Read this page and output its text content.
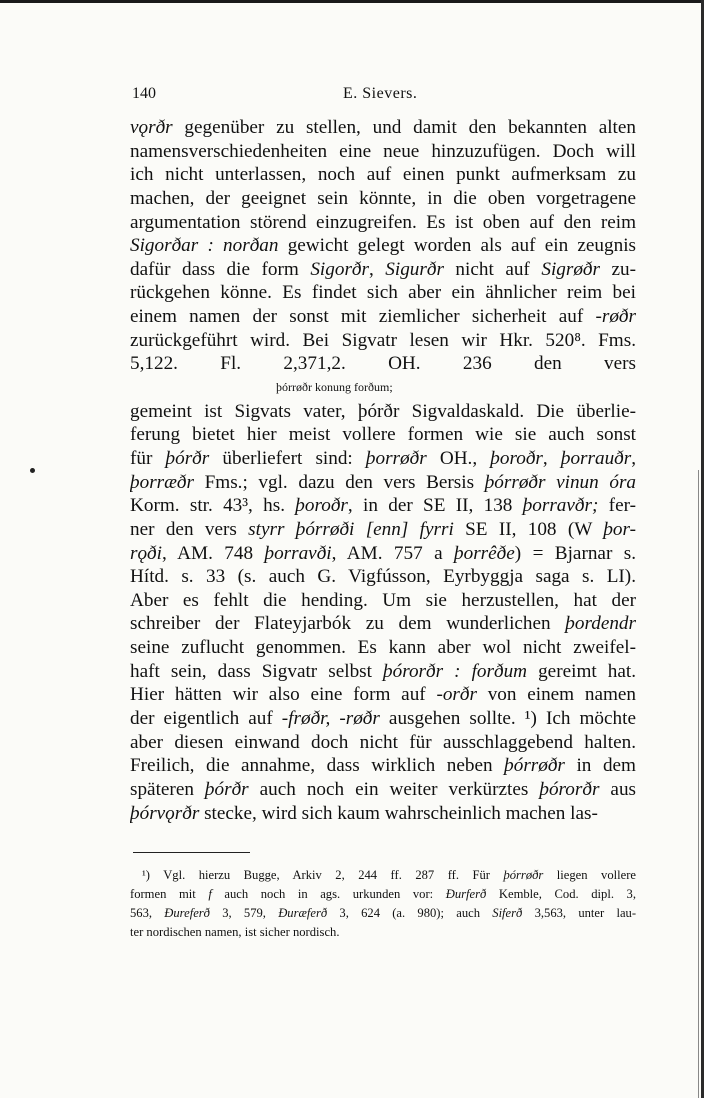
140	E. Sievers.
vǫrðr gegenüber zu stellen, und damit den bekannten alten
namensverschiedenheiten eine neue hinzuzufügen. Doch will
ich nicht unterlassen, noch auf einen punkt aufmerksam zu
machen, der geeignet sein könnte, in die oben vorgetragene
argumentation störend einzugreifen. Es ist oben auf den reim
Sigorðar : norðan gewicht gelegt worden als auf ein zeugnis
dafür dass die form Sigorðr, Sigurðr nicht auf Sigrøðr zu-
rückgehen könne. Es findet sich aber ein ähnlicher reim bei
einem namen der sonst mit ziemlicher sicherheit auf -røðr
zurückgeführt wird. Bei Sigvatr lesen wir Hkr. 520⁸. Fms.
5,122. Fl. 2,371,2. OH. 236 den vers
þórrøðr konung forðum;
gemeint ist Sigvats vater, þórðr Sigvaldaskald. Die überlie-
ferung bietet hier meist vollere formen wie sie auch sonst
für þórðr überliefert sind: þorrøðr OH., þoroðr, þorrauðr,
þorræðr Fms.; vgl. dazu den vers Bersis þórrøðr vinun óra
Korm. str. 43³, hs. þoroðr, in der SE II, 138 þorravðr; fer-
ner den vers styrr þórrøði [enn] fyrri SE II, 108 (W þor-
rǫði, AM. 748 þorravði, AM. 757 a þorrêðe) = Bjarnar s.
Hítd. s. 33 (s. auch G. Vigfússon, Eyrbyggja saga s. LI).
Aber es fehlt die hending. Um sie herzustellen, hat der
schreiber der Flateyjarbók zu dem wunderlichen þordendr
seine zuflucht genommen. Es kann aber wol nicht zweifel-
haft sein, dass Sigvatr selbst þórorðr : forðum gereimt hat.
Hier hätten wir also eine form auf -orðr von einem namen
der eigentlich auf -frøðr, -røðr ausgehen sollte. ¹) Ich möchte
aber diesen einwand doch nicht für ausschlaggebend halten.
Freilich, die annahme, dass wirklich neben þórrøðr in dem
späteren þórðr auch noch ein weiter verkürztes þórorðr aus
þórvǫrðr stecke, wird sich kaum wahrscheinlich machen las-
¹) Vgl. hierzu Bugge, Arkiv 2, 244 ff. 287 ff. Für þórrøðr liegen vollere
formen mit f auch noch in ags. urkunden vor: Đurferð Kemble, Cod. dipl. 3,
563, Đureferð 3, 579, Đuræferð 3, 624 (a. 980); auch Siferð 3,563, unter lau-
ter nordischen namen, ist sicher nordisch.
